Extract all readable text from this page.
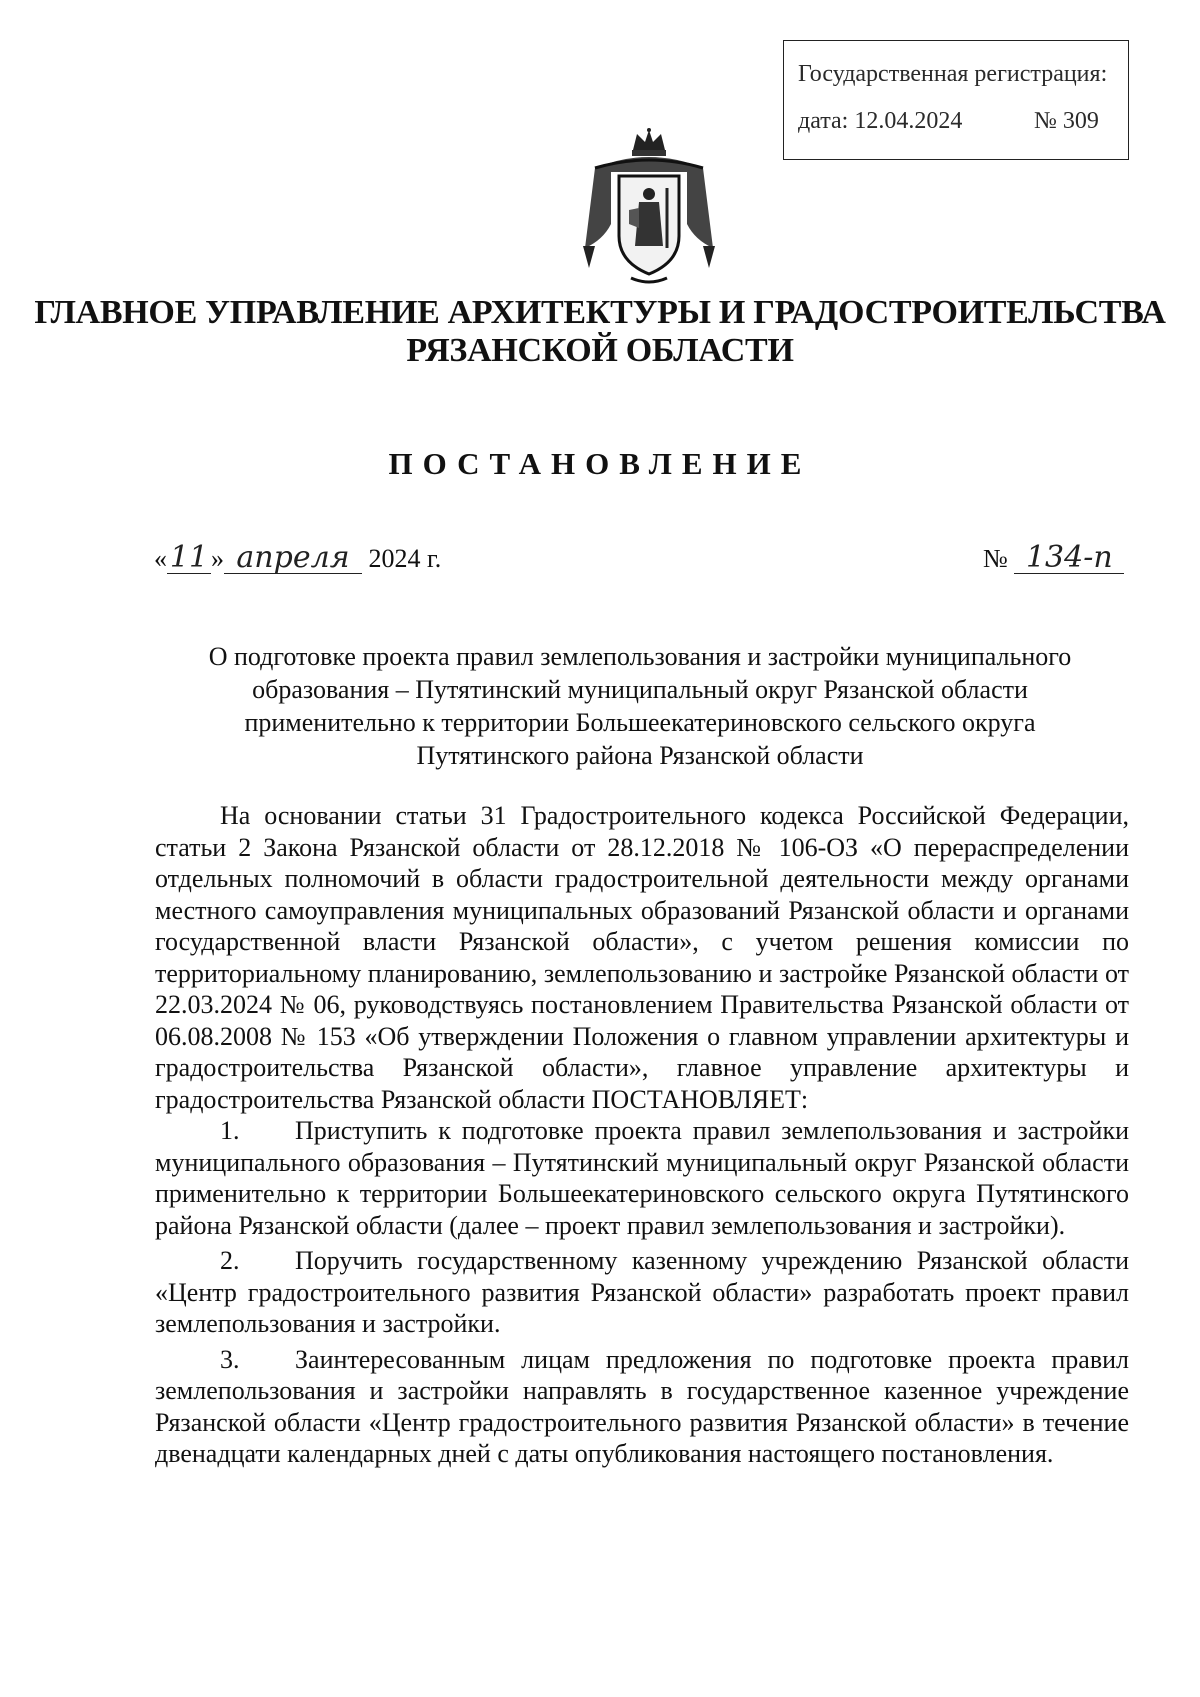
Государственная регистрация:
дата: 12.04.2024	№ 309
ГЛАВНОЕ УПРАВЛЕНИЕ АРХИТЕКТУРЫ И ГРАДОСТРОИТЕЛЬСТВА
РЯЗАНСКОЙ ОБЛАСТИ
ПОСТАНОВЛЕНИЕ
«11 » апреля 2024 г.	№ 134-п
О подготовке проекта правил землепользования и застройки муниципального
образования – Путятинский муниципальный округ Рязанской области
применительно к территории Большеекатериновского сельского округа
Путятинского района Рязанской области

На основании статьи 31 Градостроительного кодекса Российской Федерации, статьи 2 Закона Рязанской области от 28.12.2018 № 106-ОЗ «О перераспределении отдельных полномочий в области градостроительной деятельности между органами местного самоуправления муниципальных образований Рязанской области и органами государственной власти Рязанской области», с учетом решения комиссии по территориальному планированию, землепользованию и застройке Рязанской области от 22.03.2024 № 06, руководствуясь постановлением Правительства Рязанской области от 06.08.2008 № 153 «Об утверждении Положения о главном управлении архитектуры и градостроительства Рязанской области», главное управление архитектуры и градостроительства Рязанской области ПОСТАНОВЛЯЕТ:

1. Приступить к подготовке проекта правил землепользования и застройки муниципального образования – Путятинский муниципальный округ Рязанской области применительно к территории Большеекатериновского сельского округа Путятинского района Рязанской области (далее – проект правил землепользования и застройки).

2. Поручить государственному казенному учреждению Рязанской области «Центр градостроительного развития Рязанской области» разработать проект правил землепользования и застройки.

3. Заинтересованным лицам предложения по подготовке проекта правил землепользования и застройки направлять в государственное казенное учреждение Рязанской области «Центр градостроительного развития Рязанской области» в течение двенадцати календарных дней с даты опубликования настоящего постановления.
